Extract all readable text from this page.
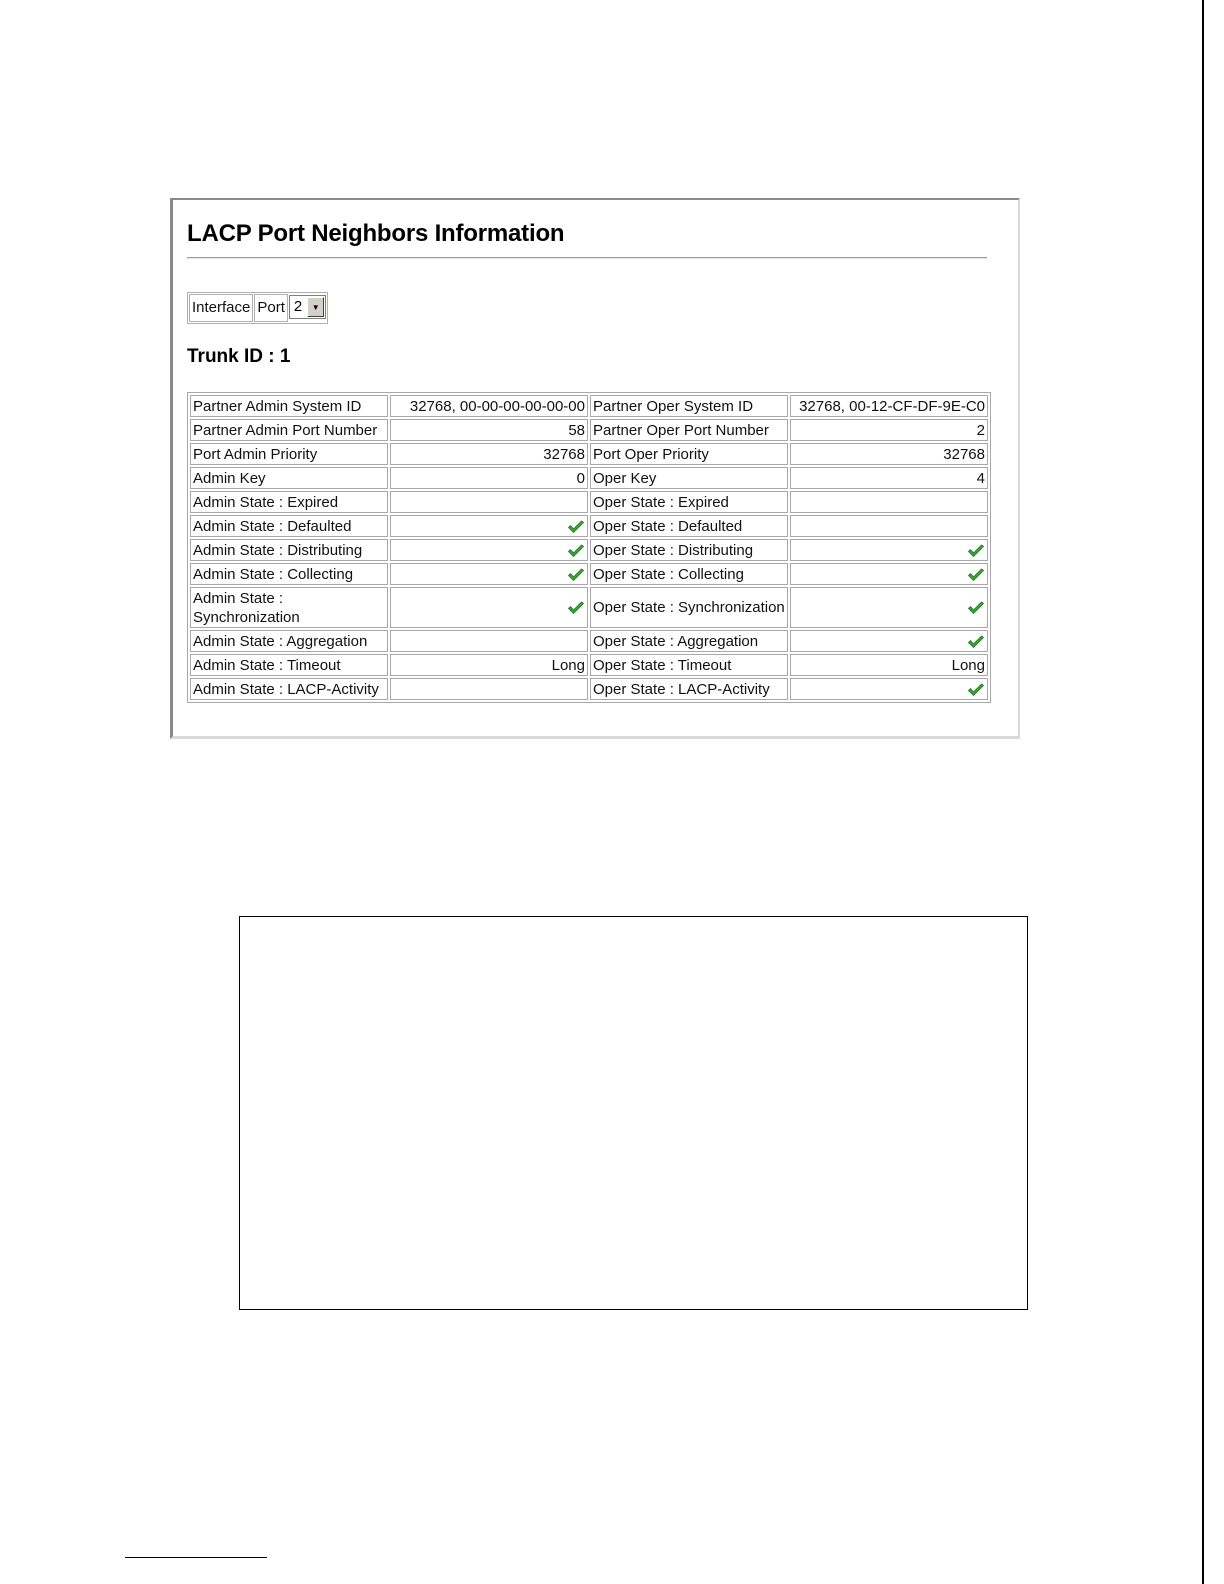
LACP Port Neighbors Information
Interface Port 2	▼
Trunk ID : 1
Partner Admin System ID	32768, 00-00-00-00-00-00	Partner Oper System ID	32768, 00-12-CF-DF-9E-C0
Partner Admin Port Number	58	Partner Oper Port Number	2
Port Admin Priority	32768	Port Oper Priority	32768
Admin Key	0	Oper Key	4
Admin State : Expired		Oper State : Expired	
Admin State : Defaulted		Oper State : Defaulted	
Admin State : Distributing		Oper State : Distributing	
Admin State : Collecting		Oper State : Collecting	
Admin State : Synchronization		Oper State : Synchronization	
Admin State : Aggregation		Oper State : Aggregation	
Admin State : Timeout	Long	Oper State : Timeout	Long
Admin State : LACP-Activity		Oper State : LACP-Activity	
